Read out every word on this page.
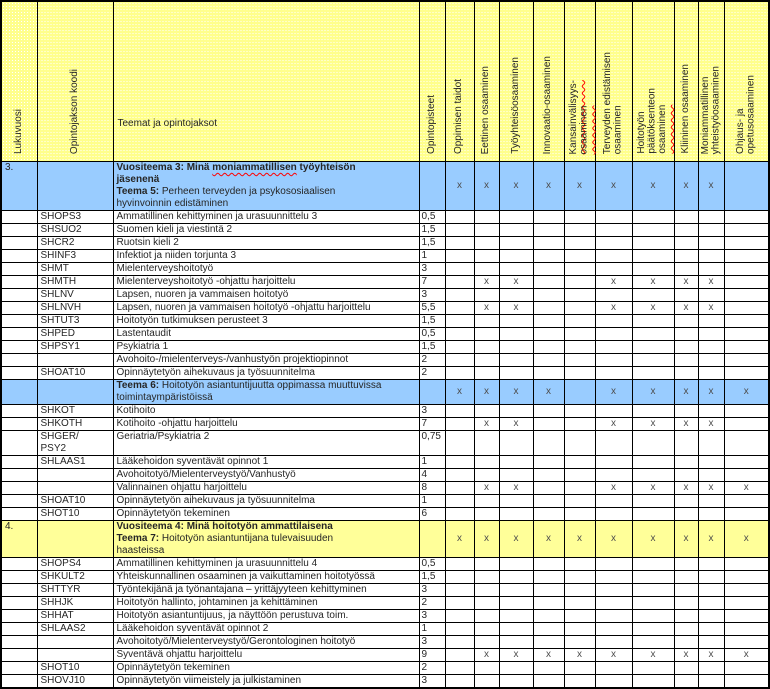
Lukuvuosi	Opintojakson koodi	Teemat ja opintojaksot	Opintopisteet	Oppimisen taidot	Eettinen osaaminen	Työyhteisöosaaminen	Innovaatio-osaaminen	Kansainvälisyys- osaaminen	Terveyden edistämisen osaaminen	Hoitotyön päätöksenteon osaaminen	Kliininen osaaminen	Moniammatillinen yhteistyöosaaminen	Ohjaus- ja opetusosaaminen

3.		Vuositeema 3: Minä moniammatillisen työyhteisön
jäsenenä
Teema 5: Perheen terveyden ja psykososiaalisen
hyvinvoinnin edistäminen		x	x	x	x	x	x	x	x	x	
	SHOPS3	Ammatillinen kehittyminen ja urasuunnittelu 3	0,5										
	SHSUO2	Suomen kieli ja viestintä 2	1,5										
	SHCR2	Ruotsin kieli 2	1,5										
	SHINF3	Infektiot ja niiden torjunta 3	1										
	SHMT	Mielenterveyshoitotyö	3										
	SHMTH	Mielenterveyshoitotyö -ohjattu harjoittelu	7		x	x			x	x	x	x	
	SHLNV	Lapsen, nuoren ja vammaisen hoitotyö	3										
	SHLNVH	Lapsen, nuoren ja vammaisen hoitotyö -ohjattu harjoittelu	5,5		x	x			x	x	x	x	
	SHTUT3	Hoitotyön tutkimuksen perusteet 3	1,5										
	SHPED	Lastentaudit	0,5										
	SHPSY1	Psykiatria 1	1,5										
		Avohoito-/mielenterveys-/vanhustyön projektiopinnot	2										
	SHOAT10	Opinnäytetyön aihekuvaus ja työsuunnitelma	2										

		Teema 6: Hoitotyön asiantuntijuutta oppimassa muuttuvissa
toimintaympäristöissä		x	x	x	x		x	x	x	x	x
	SHKOT	Kotihoito	3										
	SHKOTH	Kotihoito -ohjattu harjoittelu	7		x	x			x	x	x	x	
	SHGER/
PSY2	Geriatria/Psykiatria 2	0,75										
	SHLAAS1	Lääkehoidon syventävät opinnot 1	1										
		Avohoitotyö/Mielenterveystyö/Vanhustyö	4										
		Valinnainen ohjattu harjoittelu	8		x	x			x	x	x	x	x
	SHOAT10	Opinnäytetyön aihekuvaus ja työsuunnitelma	1										
	SHOT10	Opinnäytetyön tekeminen	6										
4.		Vuositeema 4: Minä hoitotyön ammattilaisena
Teema 7: Hoitotyön asiantuntijana tulevaisuuden
haasteissa		x	x	x	x	x	x	x	x	x	x
	SHOPS4	Ammatillinen kehittyminen ja urasuunnittelu 4	0,5										
	SHKULT2	Yhteiskunnallinen osaaminen ja vaikuttaminen hoitotyössä	1,5										
	SHTTYR	Työntekijänä ja työnantajana – yrittäjyyteen kehittyminen	3										
	SHHJK	Hoitotyön hallinto, johtaminen ja kehittäminen	2										
	SHHAT	Hoitotyön asiantuntijuus, ja näyttöön perustuva toim.	3										
	SHLAAS2	Lääkehoidon syventävät opinnot 2	1										
		Avohoitotyö/Mielenterveystyö/Gerontologinen hoitotyö	3										
		Syventävä ohjattu harjoittelu	9		x	x	x	x	x	x	x	x	x
	SHOT10	Opinnäytetyön tekeminen	2										
	SHOVJ10	Opinnäytetyön viimeistely ja julkistaminen	3										
